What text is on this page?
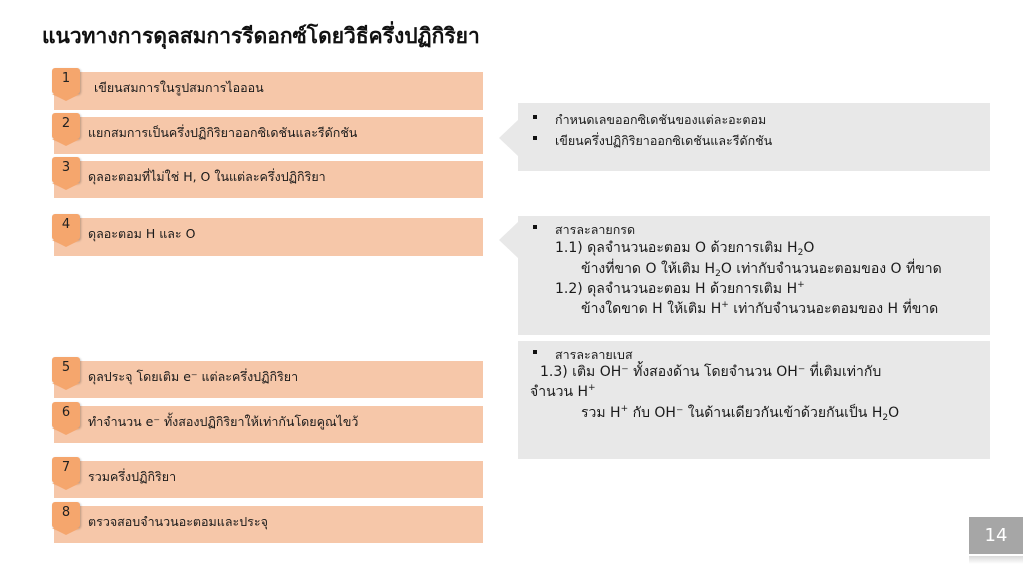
แนวทางการดุลสมการรีดอกซ์โดยวิธีครึ่งปฏิกิริยา
1
เขียนสมการในรูปสมการไอออน
2
แยกสมการเป็นครึ่งปฏิกิริยาออกซิเดชันและรีดักชัน
3
ดุลอะตอมที่ไม่ใช่ H, O ในแต่ละครึ่งปฏิกิริยา
4
ดุลอะตอม H และ O
5
ดุลประจุ โดยเติม e⁻ แต่ละครึ่งปฏิกิริยา
6
ทำจำนวน e⁻ ทั้งสองปฏิกิริยาให้เท่ากันโดยคูณไขว้
7
รวมครึ่งปฏิกิริยา
8
ตรวจสอบจำนวนอะตอมและประจุ
กำหนดเลขออกซิเดชันของแต่ละอะตอม
เขียนครึ่งปฏิกิริยาออกซิเดชันและรีดักชัน
สารละลายกรด
1.1) ดุลจำนวนอะตอม O ด้วยการเติม $H_2O$
ข้างที่ขาด O ให้เติม $H_2O$ เท่ากับจำนวนอะตอมของ O ที่ขาด
1.2) ดุลจำนวนอะตอม H ด้วยการเติม H+
ข้างใดขาด H ให้เติม H+ เท่ากับจำนวนอะตอมของ H ที่ขาด
สารละลายเบส
1.3) เติม OH⁻ ทั้งสองด้าน โดยจำนวน OH⁻ ที่เติมเท่ากับ
จำนวน H+
รวม H+ กับ OH⁻ ในด้านเดียวกันเข้าด้วยกันเป็น $H_2O$
14
